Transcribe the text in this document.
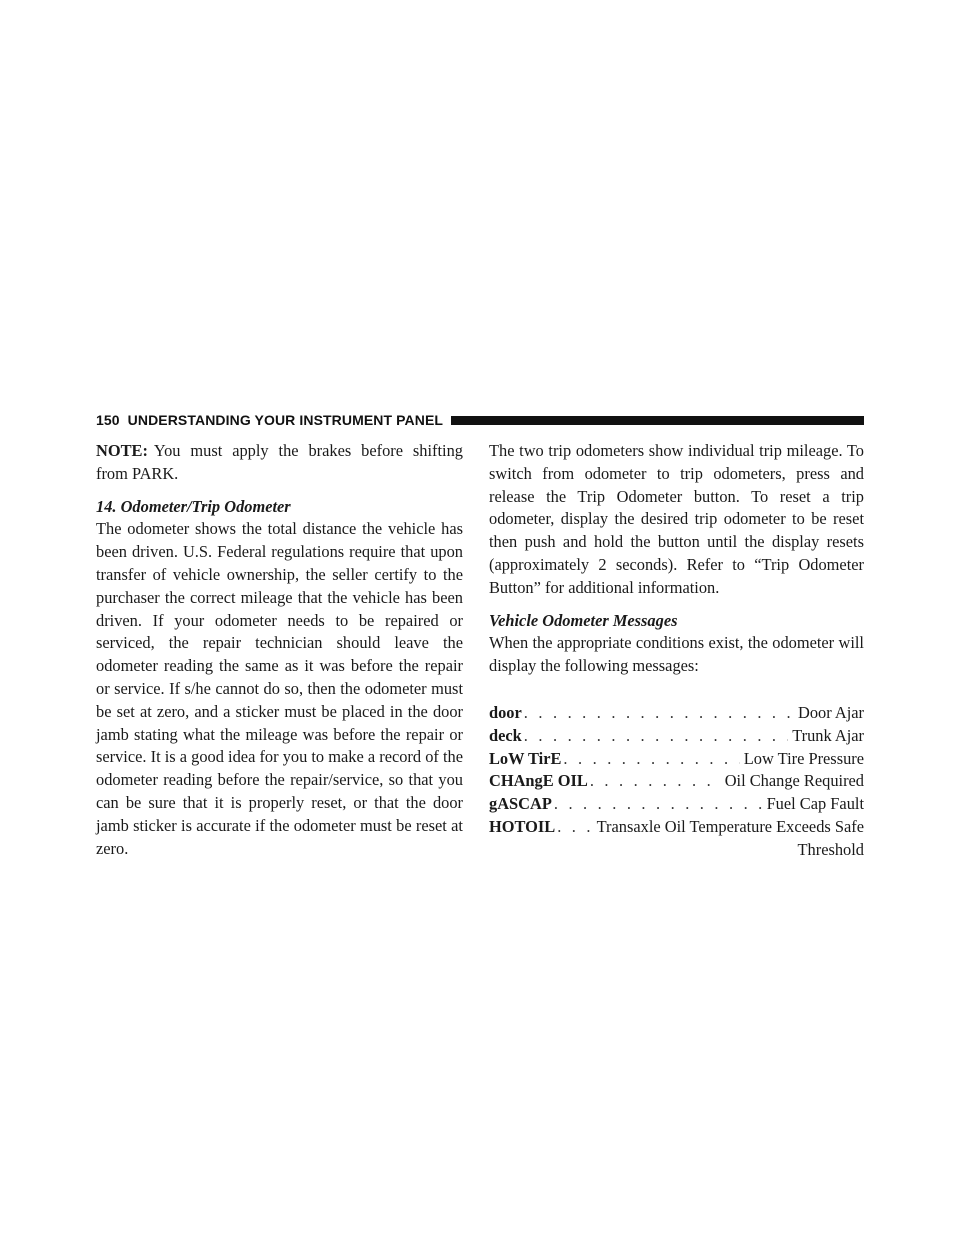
150 UNDERSTANDING YOUR INSTRUMENT PANEL

NOTE: You must apply the brakes before shifting from PARK.

14. Odometer/Trip Odometer

The odometer shows the total distance the vehicle has been driven. U.S. Federal regulations require that upon transfer of vehicle ownership, the seller certify to the purchaser the correct mileage that the vehicle has been driven. If your odometer needs to be repaired or serviced, the repair technician should leave the odometer reading the same as it was before the repair or service. If s/he cannot do so, then the odometer must be set at zero, and a sticker must be placed in the door jamb stating what the mileage was before the repair or service. It is a good idea for you to make a record of the odometer reading before the repair/service, so that you can be sure that it is properly reset, or that the door jamb sticker is accurate if the odometer must be reset at zero.

The two trip odometers show individual trip mileage. To switch from odometer to trip odometers, press and release the Trip Odometer button. To reset a trip odometer, display the desired trip odometer to be reset then push and hold the button until the display resets (approximately 2 seconds). Refer to “Trip Odometer Button” for additional information.

Vehicle Odometer Messages

When the appropriate conditions exist, the odometer will display the following messages:

door . . .	Door Ajar
deck . . .	Trunk Ajar
LoW TirE . . .	Low Tire Pressure
CHAngE OIL . . .	Oil Change Required
gASCAP . . .	Fuel Cap Fault
HOTOIL . . .	Transaxle Oil Temperature Exceeds Safe
Threshold
